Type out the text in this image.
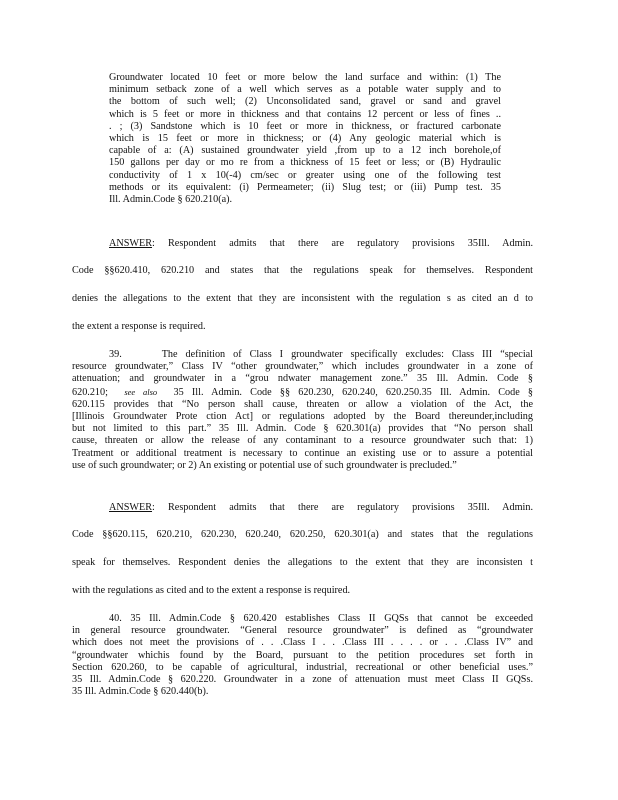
Groundwater located 10 feet or more below the land surface and within: (1) The
minimum setback zone of a well which serves as a potable water supply and to
the bottom of such well; (2) Unconsolidated sand, gravel or sand and gravel
which is 5 feet or more in thickness and that contains 12 percent or less of fines ..
. ; (3) Sandstone which is 10 feet or more in thickness, or fractured carbonate
which is 15 feet or more in thickness; or (4) Any geologic material which is
capable of a: (A) sustained groundwater yield ,from up to a 12 inch borehole,of
150 gallons per day or mo re from a thickness of 15 feet or less; or (B) Hydraulic
conductivity of 1 x 10(-4) cm/sec or greater using one of the following test
methods or its equivalent: (i) Permeameter; (ii) Slug test; or (iii) Pump test. 35
Ill. Admin.Code § 620.210(a).
ANSWER: Respondent admits that there are regulatory provisions 35Ill. Admin.
Code §§620.410, 620.210 and states that the regulations speak for themselves. Respondent
denies the allegations to the extent that they are inconsistent with the regulation s as cited an d to
the extent a response is required.
39.	The definition of Class I groundwater specifically excludes: Class III “special
resource groundwater,” Class IV “other groundwater,” which includes groundwater in a zone of
attenuation; and groundwater in a “grou ndwater management zone.” 35 Ill. Admin. Code §
620.210; see also 35 Ill. Admin. Code §§ 620.230, 620.240, 620.250.35 Ill. Admin. Code §
620.115 provides that “No person shall cause, threaten or allow a violation of the Act, the
[Illinois Groundwater Prote ction Act] or regulations adopted by the Board thereunder,including
but not limited to this part.” 35 Ill. Admin. Code § 620.301(a) provides that “No person shall
cause, threaten or allow the release of any contaminant to a resource groundwater such that: 1)
Treatment or additional treatment is necessary to continue an existing use or to assure a potential
use of such groundwater; or 2) An existing or potential use of such groundwater is precluded.”
ANSWER: Respondent admits that there are regulatory provisions 35Ill. Admin.
Code §§620.115, 620.210, 620.230, 620.240, 620.250, 620.301(a) and states that the regulations
speak for themselves. Respondent denies the allegations to the extent that they are inconsisten t
with the regulations as cited and to the extent a response is required.
40. 35 Ill. Admin.Code § 620.420 establishes Class II GQSs that cannot be exceeded
in general resource groundwater. “General resource groundwater” is defined as “groundwater
which does not meet the provisions of . . .Class I . . .Class III . . . . or . . .Class IV” and
“groundwater whichis found by the Board, pursuant to the petition procedures set forth in
Section 620.260, to be capable of agricultural, industrial, recreational or other beneficial uses.”
35 Ill. Admin.Code § 620.220. Groundwater in a zone of attenuation must meet Class II GQSs.
35 Ill. Admin.Code § 620.440(b).
